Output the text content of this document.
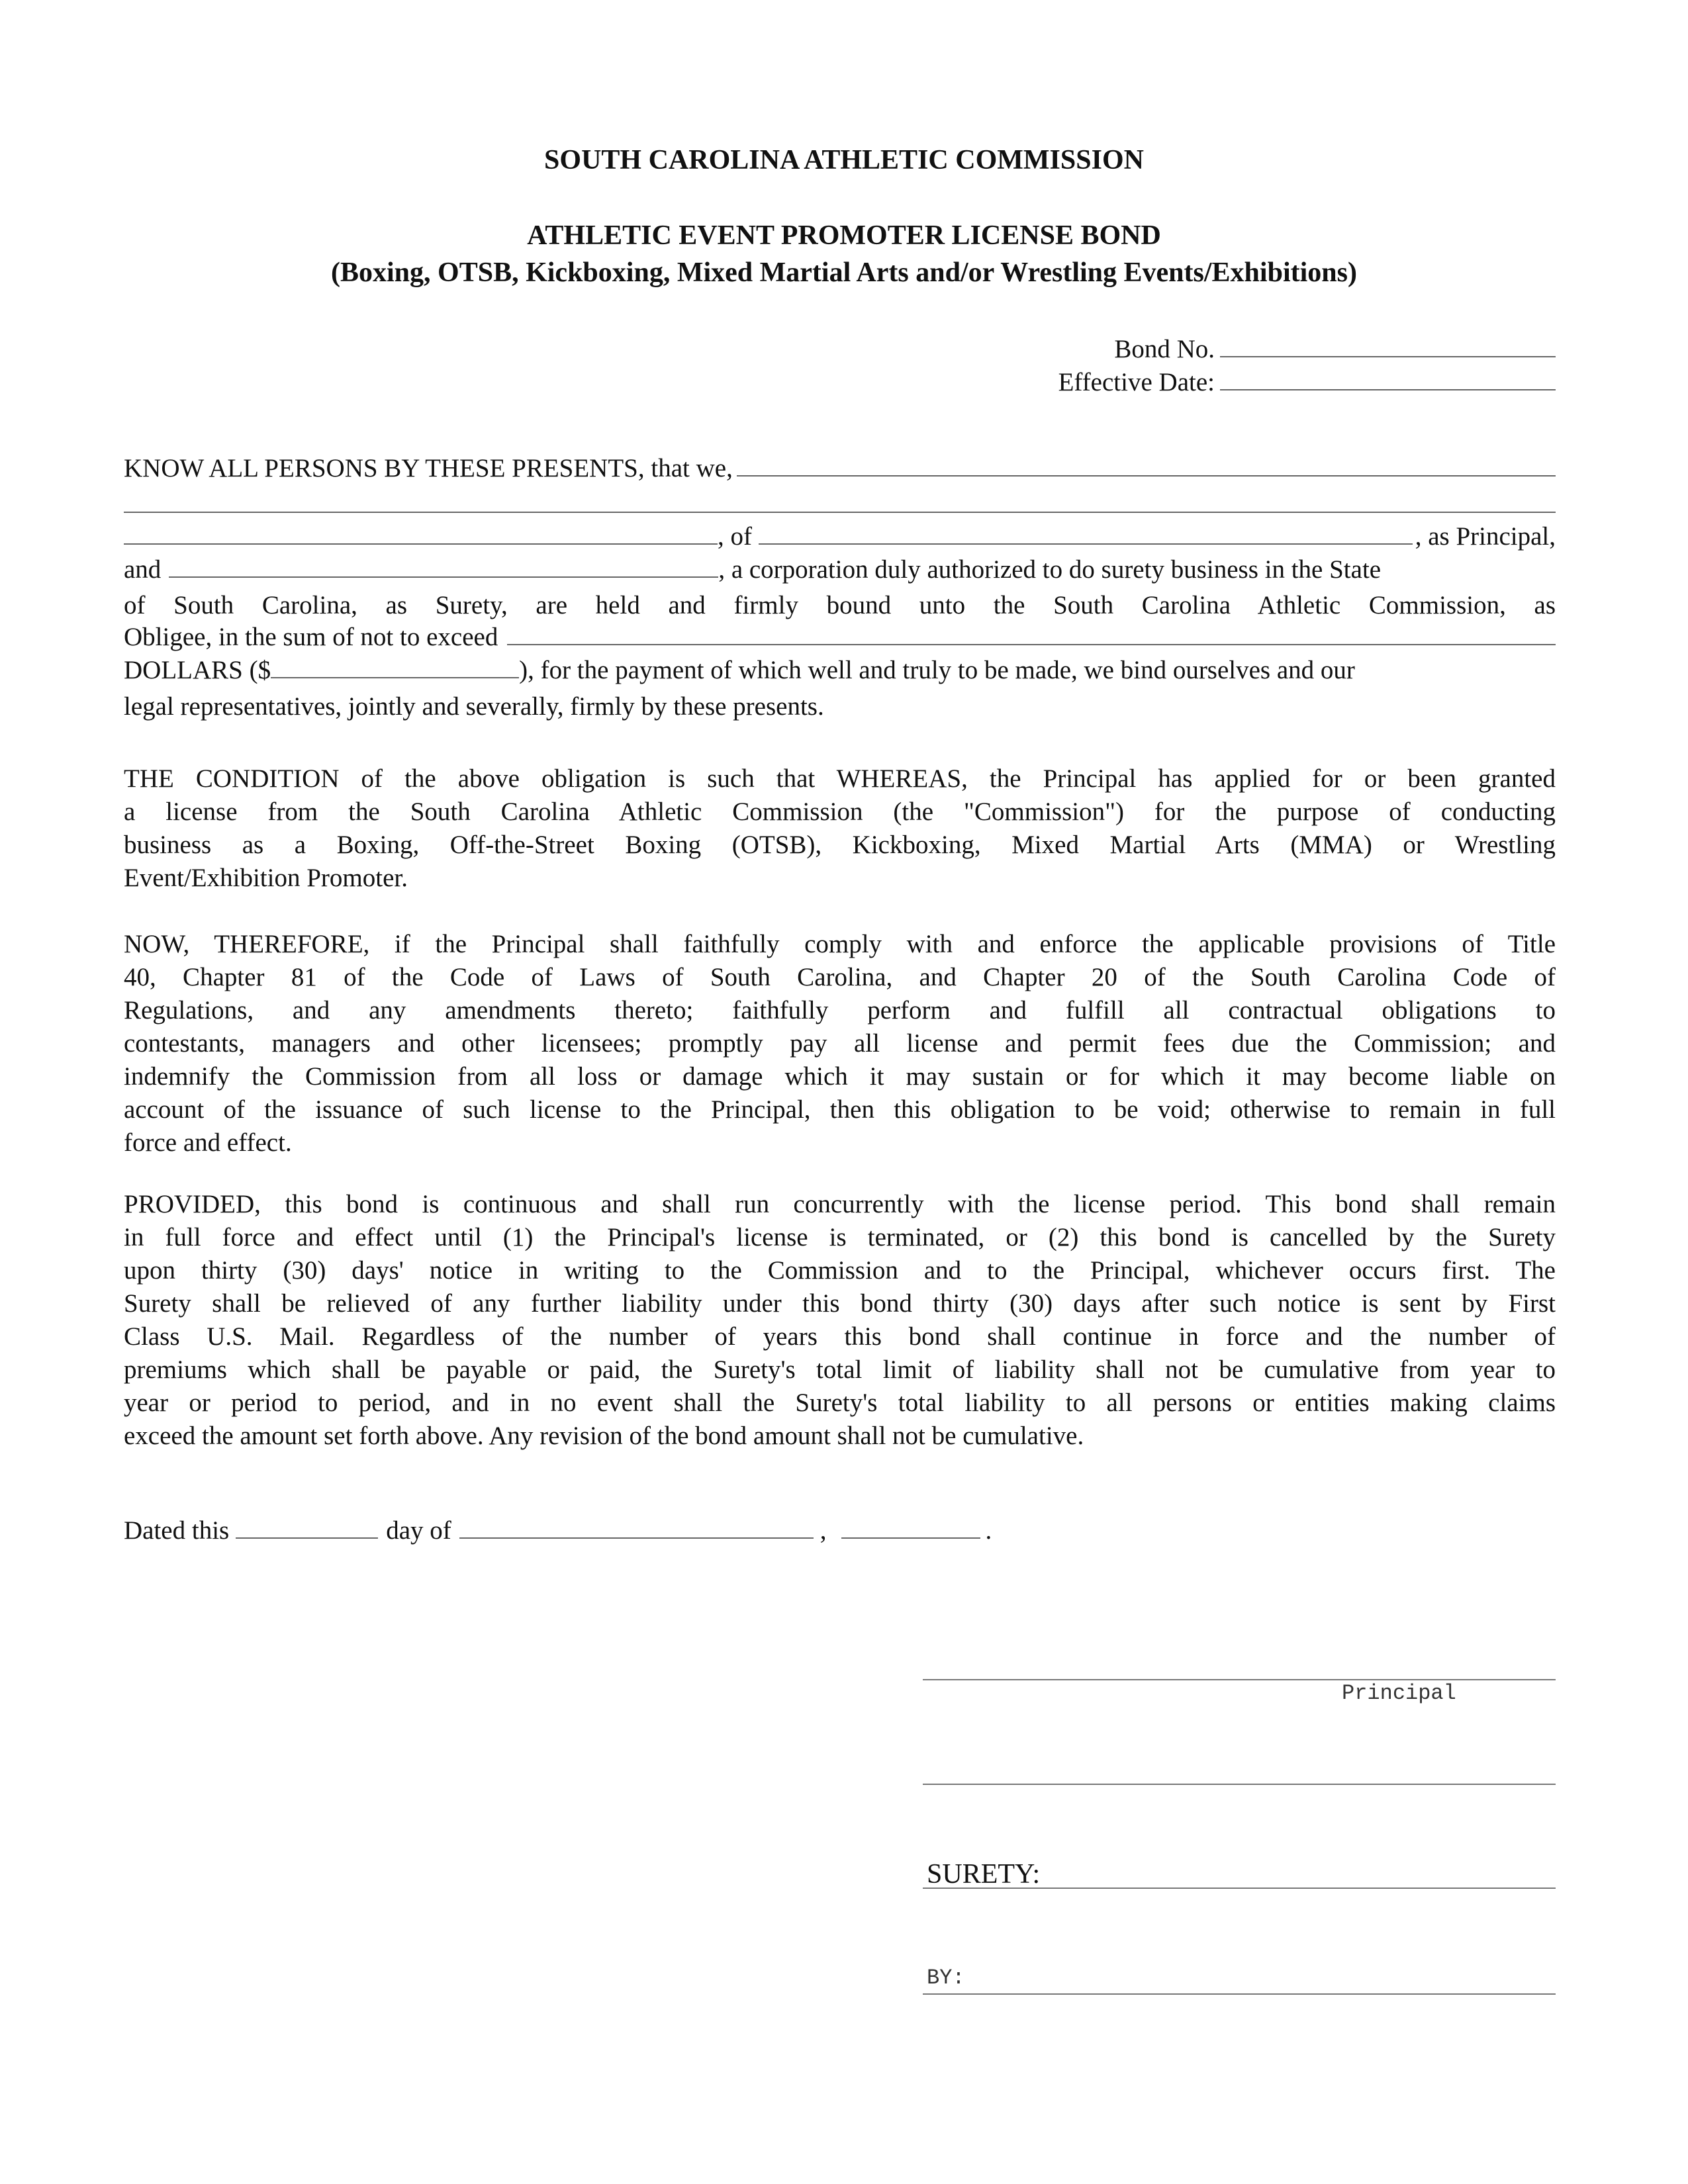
SOUTH CAROLINA ATHLETIC COMMISSION
ATHLETIC EVENT PROMOTER LICENSE BOND
(Boxing, OTSB, Kickboxing, Mixed Martial Arts and/or Wrestling Events/Exhibitions)
Bond No.
Effective Date:
KNOW ALL PERSONS BY THESE PRESENTS, that we,
, of	, as Principal,
and	, a corporation duly authorized to do surety business in the State
of South Carolina, as Surety, are held and firmly bound unto the South Carolina Athletic Commission, as
Obligee, in the sum of not to exceed
DOLLARS ($	), for the payment of which well and truly to be made, we bind ourselves and our
legal representatives, jointly and severally, firmly by these presents.
THE CONDITION of the above obligation is such that WHEREAS, the Principal has applied for or been granted
a license from the South Carolina Athletic Commission (the "Commission") for the purpose of conducting
business as a Boxing, Off-the-Street Boxing (OTSB), Kickboxing, Mixed Martial Arts (MMA) or Wrestling
Event/Exhibition Promoter.
NOW, THEREFORE, if the Principal shall faithfully comply with and enforce the applicable provisions of Title
40, Chapter 81 of the Code of Laws of South Carolina, and Chapter 20 of the South Carolina Code of
Regulations, and any amendments thereto; faithfully perform and fulfill all contractual obligations to
contestants, managers and other licensees; promptly pay all license and permit fees due the Commission; and
indemnify the Commission from all loss or damage which it may sustain or for which it may become liable on
account of the issuance of such license to the Principal, then this obligation to be void; otherwise to remain in full
force and effect.
PROVIDED, this bond is continuous and shall run concurrently with the license period. This bond shall remain
in full force and effect until (1) the Principal's license is terminated, or (2) this bond is cancelled by the Surety
upon thirty (30) days' notice in writing to the Commission and to the Principal, whichever occurs first. The
Surety shall be relieved of any further liability under this bond thirty (30) days after such notice is sent by First
Class U.S. Mail. Regardless of the number of years this bond shall continue in force and the number of
premiums which shall be payable or paid, the Surety's total limit of liability shall not be cumulative from year to
year or period to period, and in no event shall the Surety's total liability to all persons or entities making claims
exceed the amount set forth above. Any revision of the bond amount shall not be cumulative.
Dated this	day of	,	.
Principal
SURETY:
BY:
